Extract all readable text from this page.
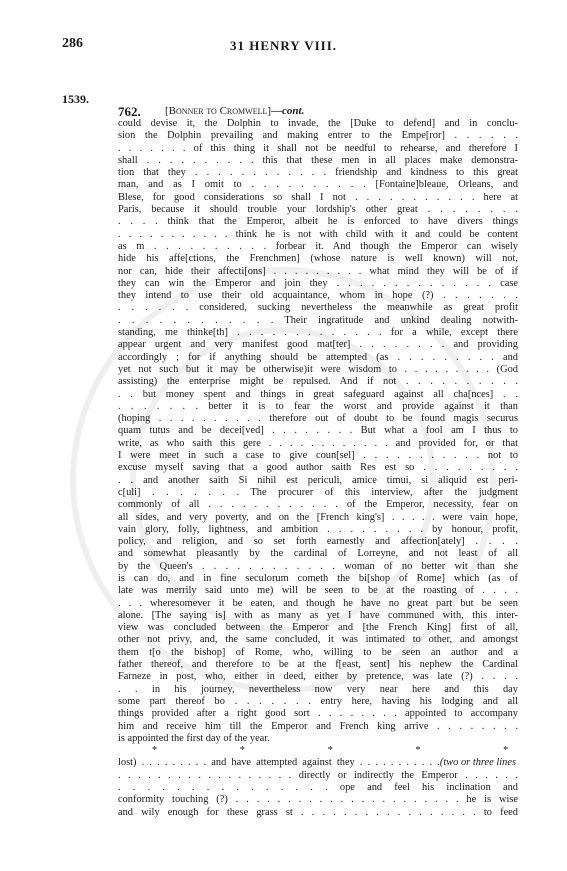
286	31 HENRY VIII.
1539.
762. [Bonner to Cromwell]—cont.
could devise it, the Dolphin to invade, the [Duke to defend] and in conclu-
sion the Dolphin prevailing and making entrer to the Empe[ror] . . . . . .
. . . . . . . of this thing it shall not be needful to rehearse, and therefore I
shall . . . . . . . . . . this that these men in all places make demonstra-
tion that they . . . . . . . . . . . . friendship and kindness to this great
man, and as I omit to . . . . . . . . . . [Fontaine]bleaue, Orleans, and
Blese, for good considerations so shall I not . . . . . . . . . . . here at
Paris, because it should trouble your lordship's other great . . . . . . . .
. . . . think that the Emperor, albeit he is enforced to have divers things
. . . . . . . . . . . think he is not with child with it and could be content
as m . . . . . . . . . . forbear it. And though the Emperor can wisely
hide his affe[ctions, the Frenchmen] (whose nature is well known) will not,
nor can, hide their affecti[ons] . . . . . . . . . what mind they will be of if
they can win the Emperor and join they . . . . . . . . . . . . . . case
they intend to use their old acquaintance, whom in hope (?) . . . . . . .
. . . . . . considered, sucking nevertheless the meanwhile as great profit
. . . . . . . . . . . . Their ingratitude and unkind dealing notwith-
standing, me thinke[th] . . . . . . . . . . . . . for a while, except there
appear urgent and very manifest good mat[ter] . . . . . . . . and providing
accordingly ; for if anything should be attempted (as . . . . . . . . . and
yet not such but it may be otherwise)it were wisdom to . . . . . . . . . (God
assisting) the enterprise might be repulsed. And if not . . . . . . . . . .
. . but money spent and things in great safeguard against all cha[nces] . .
. . . . . . . better it is to fear the worst and provide against it than
(hoping . . . . . . . . . . therefore out of doubt to be found magis securus
quam tutus and be decei[ved] . . . . . . . . But what a fool am I thus to
write, as who saith this gere . . . . . . . . . . . . and provided for, or that
I were meet in such a case to give coun[sel] . . . . . . . . . . . not to
excuse myself saving that a good author saith Res est so . . . . . . . . .
. . and another saith Si nihil est periculi, amice timui, si aliquid est peri-
c[uli] . . . . . . . The procurer of this interview, after the judgment
commonly of all . . . . . . . . . . . . of the Emperor, necessity, fear on
all sides, and very poverty, and on the [French king's] . . . . . were vain hope,
vain glory, folly, lightness, and ambition . . . . . . . . . by honour, profit,
policy, and religion, and so set forth earnestly and affection[ately] . . . .
and somewhat pleasantly by the cardinal of Lorreyne, and not least of all
by the Queen's . . . . . . . . . . . . woman of no better wit than she
is can do, and in fine seculorum cometh the bi[shop of Rome] which (as of
late was merrily said unto me) will be seen to be at the roasting of . . . .
. . . wheresomever it be eaten, and though he have no great part but be seen
alone. [The saying is] with as many as yet I have communed with, this inter-
view was concluded between the Emperor and [the French King] first of all,
other not privy, and, the same concluded, it was intimated to other, and amongst
them t[o the bishop] of Rome, who, willing to be seen an author and a
father thereof, and therefore to be at the f[east, sent] his nephew the Cardinal
Farneze in post, who, either in deed, either by pretence, was late (?) . . . .
. . in his journey, nevertheless now very near here and this day
some part thereof bo . . . . . . . entry here, having his lodging and all
things provided after a right good sort . . . . . . . . appointed to accompany
him and receive him till the Emperor and French king arrive . . . . . . . .
is appointed the first day of the year.
* * * * *
(two or three lines
lost) . . . . . . . . . and have attempted against they . . . . . . . . . . .
. . . . . . . . . . . . . . . . . . directly or indirectly the Emperor . . . . . .
. . . . . . . . . . . . . . . ope and feel his inclination and
conformity touching (?) . . . . . . . . . . . . . . . . . . . . . . he is wise
and wily enough for these grass st . . . . . . . . . . . . . . . . . to feed
